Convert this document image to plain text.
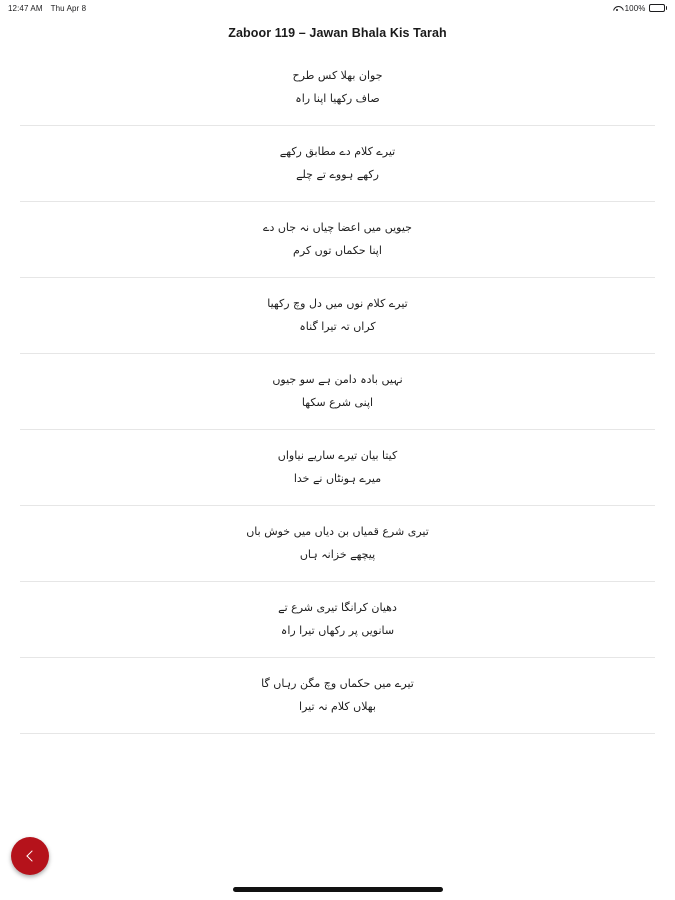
12:47 AM Thu Apr 8	100%
Zaboor 119 – Jawan Bhala Kis Tarah
جوان بھلا کس طرح
صاف رکھیا اپنا راہ
تیرے کلام دے مطابق رکھے
رکھے ہووے تے چلے
جیویں میں اعضا چیاں نہ جاں دے
اپنا حکماں توں کرم
تیرے کلام نوں میں دل وچ رکھیا
کراں تہ تیرا گناہ
نہیں بادہ دامن ہے سو جیوں
اپنی شرع سکھا
کیتا بیان تیرے ساریے نیاواں
میرے ہونٹاں نے خدا
تیری شرع قمیاں بن دیاں میں خوش باں
پیچھے خزانہ ہاں
دھیان کرانگا تیری شرع تے
سانویں پر رکھاں تیرا راہ
تیرے میں حکماں وچ مگن رہاں گا
بھلاں کلام نہ تیرا
